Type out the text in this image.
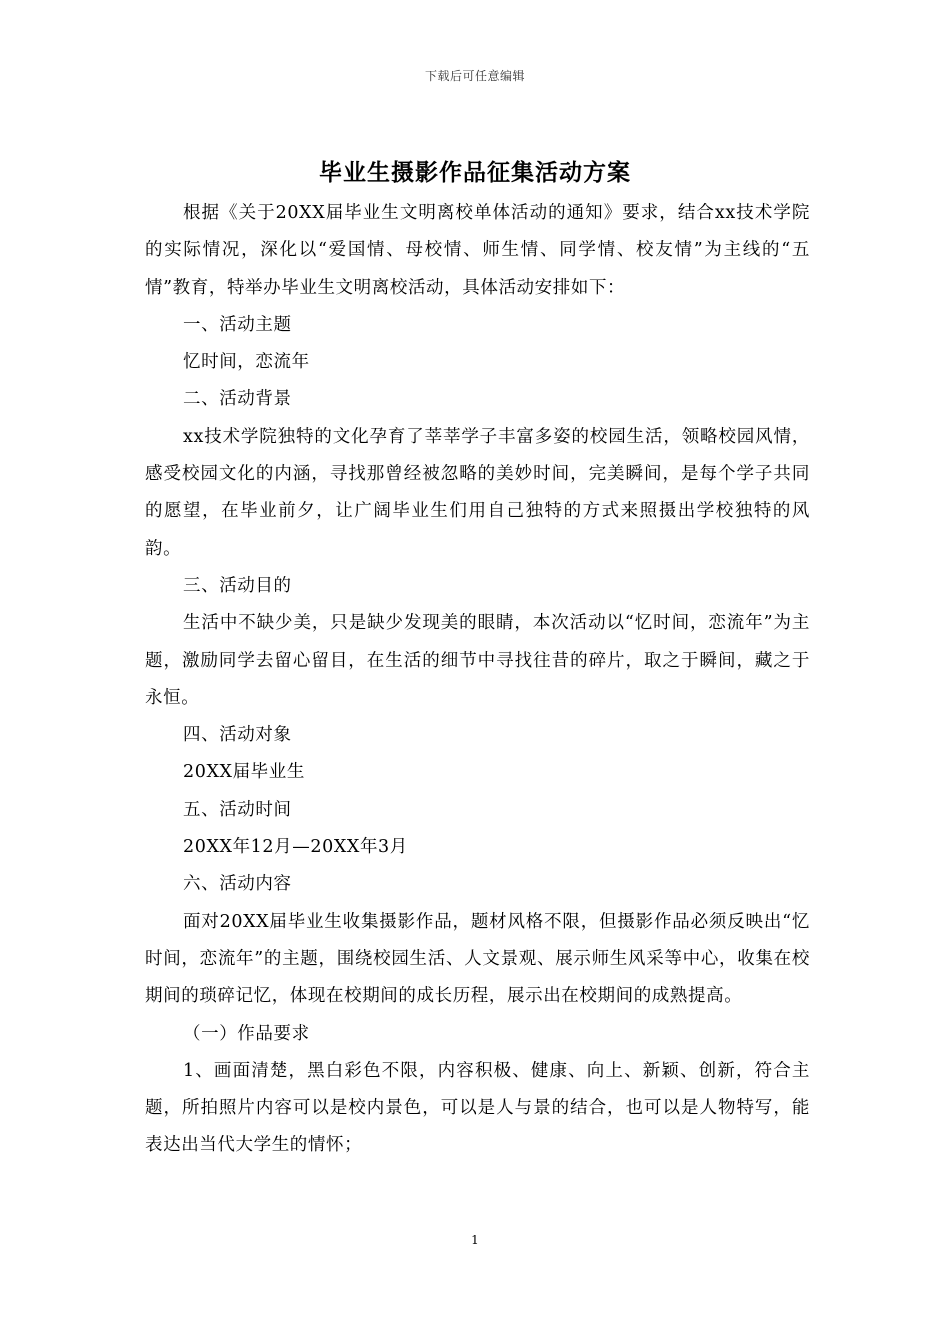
下载后可任意编辑
毕业生摄影作品征集活动方案

根据《关于20XX届毕业生文明离校单体活动的通知》要求，结合xx技术学院的实际情况，深化以“爱国情、母校情、师生情、同学情、校友情”为主线的“五情”教育，特举办毕业生文明离校活动，具体活动安排如下：

一、活动主题

忆时间，恋流年

二、活动背景

xx技术学院独特的文化孕育了莘莘学子丰富多姿的校园生活，领略校园风情，感受校园文化的内涵，寻找那曾经被忽略的美妙时间，完美瞬间，是每个学子共同的愿望，在毕业前夕，让广阔毕业生们用自己独特的方式来照摄出学校独特的风韵。

三、活动目的

生活中不缺少美，只是缺少发现美的眼睛，本次活动以“忆时间，恋流年”为主题，激励同学去留心留目，在生活的细节中寻找往昔的碎片，取之于瞬间，藏之于永恒。

四、活动对象

20XX届毕业生

五、活动时间

20XX年12月—20XX年3月

六、活动内容

面对20XX届毕业生收集摄影作品，题材风格不限，但摄影作品必须反映出“忆时间，恋流年”的主题，围绕校园生活、人文景观、展示师生风采等中心，收集在校期间的琐碎记忆，体现在校期间的成长历程，展示出在校期间的成熟提高。

（一）作品要求

1、画面清楚，黑白彩色不限，内容积极、健康、向上、新颖、创新，符合主题，所拍照片内容可以是校内景色，可以是人与景的结合，也可以是人物特写，能表达出当代大学生的情怀；

1
